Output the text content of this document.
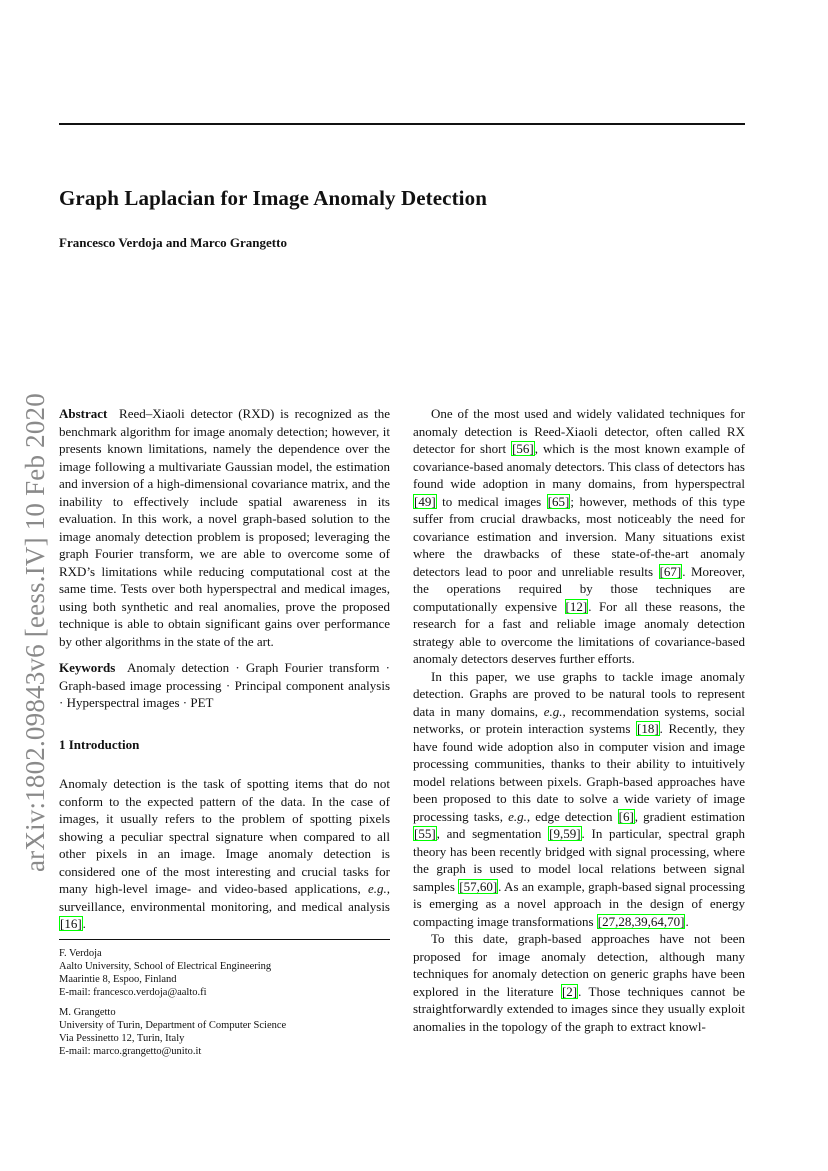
arXiv:1802.09843v6 [eess.IV] 10 Feb 2020
Graph Laplacian for Image Anomaly Detection
Francesco Verdoja and Marco Grangetto

Abstract Reed–Xiaoli detector (RXD) is recognized as the benchmark algorithm for image anomaly detection; however, it presents known limitations, namely the dependence over the image following a multivariate Gaussian model, the estimation and inversion of a high-dimensional covariance matrix, and the inability to effectively include spatial awareness in its evaluation. In this work, a novel graph-based solution to the image anomaly detection problem is proposed; leveraging the graph Fourier transform, we are able to overcome some of RXD’s limitations while reducing computational cost at the same time. Tests over both hyperspectral and medical images, using both synthetic and real anomalies, prove the proposed technique is able to obtain significant gains over performance by other algorithms in the state of the art.

Keywords Anomaly detection · Graph Fourier transform · Graph-based image processing · Principal component analysis · Hyperspectral images · PET

1 Introduction

Anomaly detection is the task of spotting items that do not conform to the expected pattern of the data. In the case of images, it usually refers to the problem of spotting pixels showing a peculiar spectral signature when compared to all other pixels in an image. Image anomaly detection is considered one of the most interesting and crucial tasks for many high-level image- and video-based applications, e.g., surveillance, environmental monitoring, and medical analysis [16].

F. Verdoja

Aalto University, School of Electrical Engineering

Maarintie 8, Espoo, Finland

E-mail: francesco.verdoja@aalto.fi

M. Grangetto

University of Turin, Department of Computer Science

Via Pessinetto 12, Turin, Italy

E-mail: marco.grangetto@unito.it

One of the most used and widely validated techniques for anomaly detection is Reed-Xiaoli detector, often called RX detector for short [56], which is the most known example of covariance-based anomaly detectors. This class of detectors has found wide adoption in many domains, from hyperspectral [49] to medical images [65]; however, methods of this type suffer from crucial drawbacks, most noticeably the need for covariance estimation and inversion. Many situations exist where the drawbacks of these state-of-the-art anomaly detectors lead to poor and unreliable results [67]. Moreover, the operations required by those techniques are computationally expensive [12]. For all these reasons, the research for a fast and reliable image anomaly detection strategy able to overcome the limitations of covariance-based anomaly detectors deserves further efforts.

In this paper, we use graphs to tackle image anomaly detection. Graphs are proved to be natural tools to represent data in many domains, e.g., recommendation systems, social networks, or protein interaction systems [18]. Recently, they have found wide adoption also in computer vision and image processing communities, thanks to their ability to intuitively model relations between pixels. Graph-based approaches have been proposed to this date to solve a wide variety of image processing tasks, e.g., edge detection [6], gradient estimation [55], and segmentation [9,59]. In particular, spectral graph theory has been recently bridged with signal processing, where the graph is used to model local relations between signal samples [57,60]. As an example, graph-based signal processing is emerging as a novel approach in the design of energy compacting image transformations [27,28,39,64,70].

To this date, graph-based approaches have not been proposed for image anomaly detection, although many techniques for anomaly detection on generic graphs have been explored in the literature [2]. Those techniques cannot be straightforwardly extended to images since they usually exploit anomalies in the topology of the graph to extract knowl-
